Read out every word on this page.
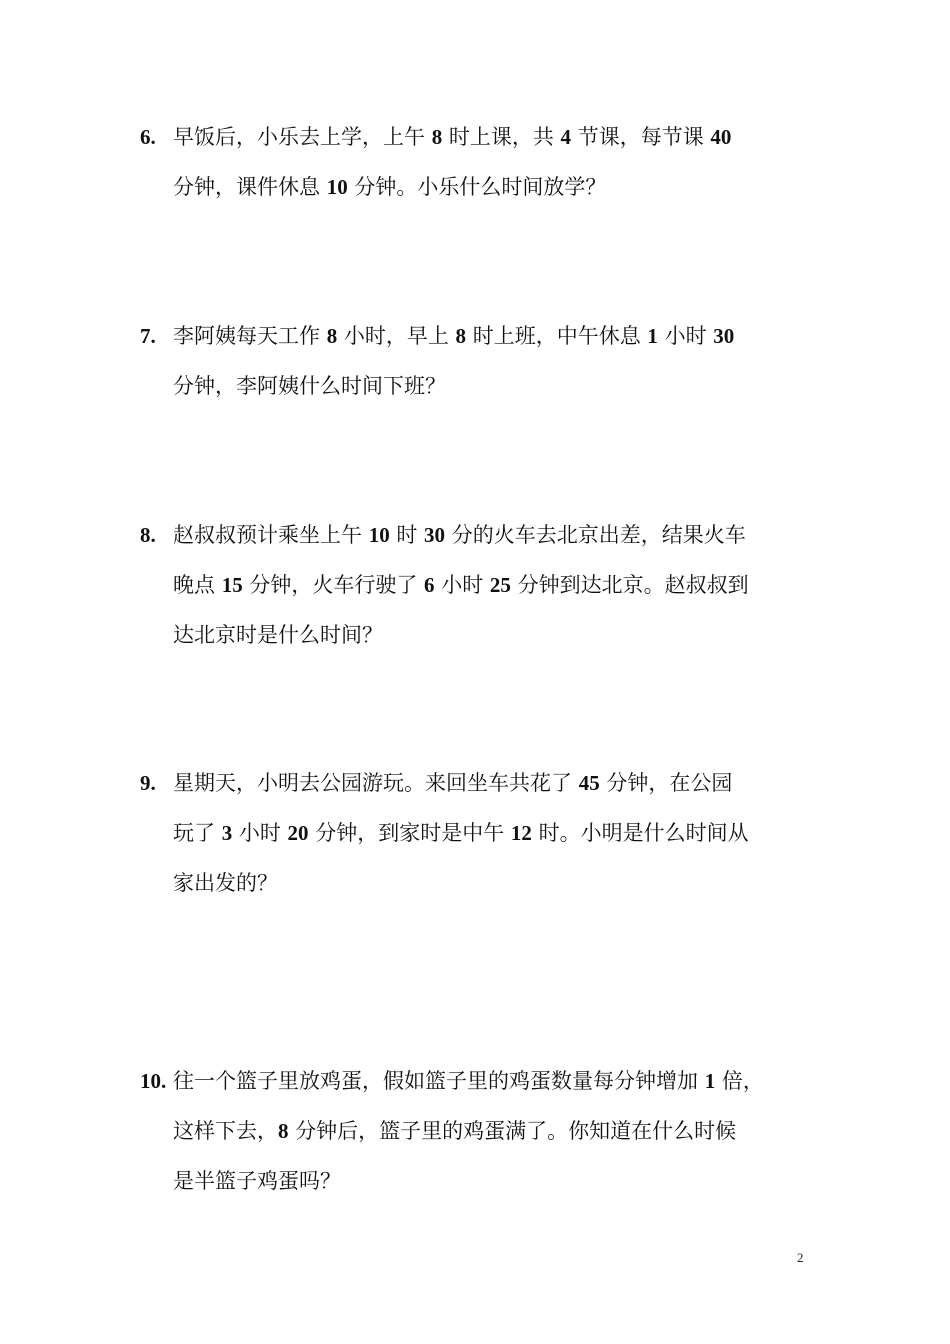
6. 早饭后，小乐去上学，上午 8 时上课，共 4 节课，每节课 40
分钟，课件休息 10 分钟。小乐什么时间放学？
7. 李阿姨每天工作 8 小时，早上 8 时上班，中午休息 1 小时 30
分钟，李阿姨什么时间下班？
8. 赵叔叔预计乘坐上午 10 时 30 分的火车去北京出差，结果火车
晚点 15 分钟，火车行驶了 6 小时 25 分钟到达北京。赵叔叔到
达北京时是什么时间？
9. 星期天，小明去公园游玩。来回坐车共花了 45 分钟，在公园
玩了 3 小时 20 分钟，到家时是中午 12 时。小明是什么时间从
家出发的？
10. 往一个篮子里放鸡蛋，假如篮子里的鸡蛋数量每分钟增加 1 倍，
这样下去，8 分钟后，篮子里的鸡蛋满了。你知道在什么时候
是半篮子鸡蛋吗？
2
